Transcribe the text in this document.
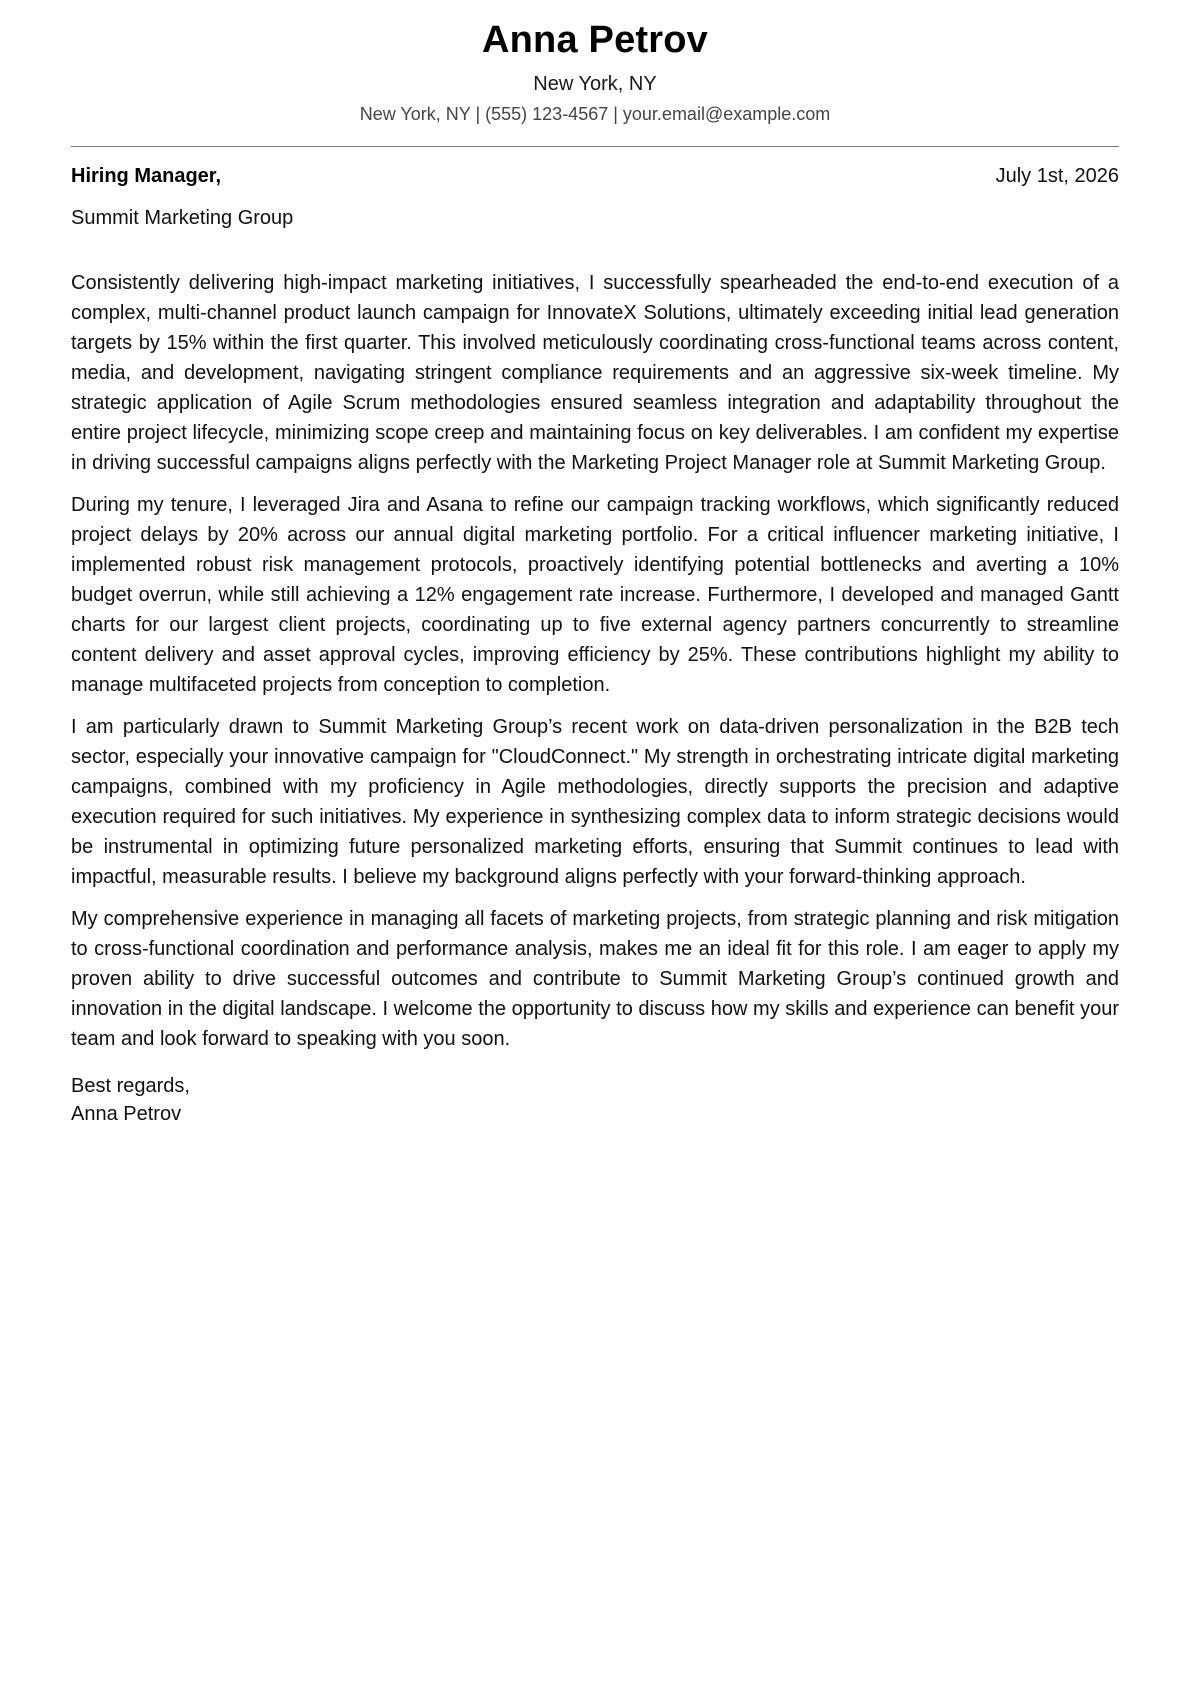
Anna Petrov
New York, NY
New York, NY | (555) 123-4567 | your.email@example.com
Hiring Manager,	July 1st, 2026
Summit Marketing Group

Consistently delivering high-impact marketing initiatives, I successfully spearheaded the end-to-end execution of a complex, multi-channel product launch campaign for InnovateX Solutions, ultimately exceeding initial lead generation targets by 15% within the first quarter. This involved meticulously coordinating cross-functional teams across content, media, and development, navigating stringent compliance requirements and an aggressive six-week timeline. My strategic application of Agile Scrum methodologies ensured seamless integration and adaptability throughout the entire project lifecycle, minimizing scope creep and maintaining focus on key deliverables. I am confident my expertise in driving successful campaigns aligns perfectly with the Marketing Project Manager role at Summit Marketing Group.

During my tenure, I leveraged Jira and Asana to refine our campaign tracking workflows, which significantly reduced project delays by 20% across our annual digital marketing portfolio. For a critical influencer marketing initiative, I implemented robust risk management protocols, proactively identifying potential bottlenecks and averting a 10% budget overrun, while still achieving a 12% engagement rate increase. Furthermore, I developed and managed Gantt charts for our largest client projects, coordinating up to five external agency partners concurrently to streamline content delivery and asset approval cycles, improving efficiency by 25%. These contributions highlight my ability to manage multifaceted projects from conception to completion.

I am particularly drawn to Summit Marketing Group’s recent work on data-driven personalization in the B2B tech sector, especially your innovative campaign for "CloudConnect." My strength in orchestrating intricate digital marketing campaigns, combined with my proficiency in Agile methodologies, directly supports the precision and adaptive execution required for such initiatives. My experience in synthesizing complex data to inform strategic decisions would be instrumental in optimizing future personalized marketing efforts, ensuring that Summit continues to lead with impactful, measurable results. I believe my background aligns perfectly with your forward-thinking approach.

My comprehensive experience in managing all facets of marketing projects, from strategic planning and risk mitigation to cross-functional coordination and performance analysis, makes me an ideal fit for this role. I am eager to apply my proven ability to drive successful outcomes and contribute to Summit Marketing Group’s continued growth and innovation in the digital landscape. I welcome the opportunity to discuss how my skills and experience can benefit your team and look forward to speaking with you soon.

Best regards,
Anna Petrov
